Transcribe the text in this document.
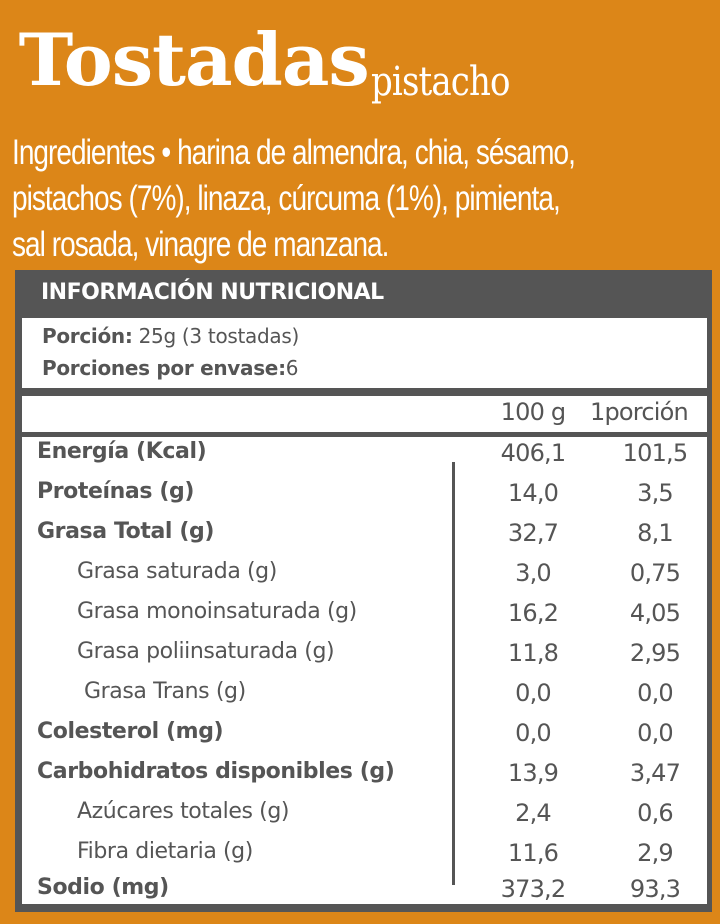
Tostadaspistacho
Ingredientes • harina de almendra, chia, sésamo,
pistachos (7%), linaza, cúrcuma (1%), pimienta,
sal rosada, vinagre de manzana.
INFORMACIÓN NUTRICIONAL
Porción: 25g (3 tostadas)
Porciones por envase:6
100 g	1porción
Energía (Kcal)	406,1	101,5
Proteínas (g)	14,0	3,5
Grasa Total (g)	32,7	8,1
Grasa saturada (g)	3,0	0,75
Grasa monoinsaturada (g)	16,2	4,05
Grasa poliinsaturada (g)	11,8	2,95
Grasa Trans (g)	0,0	0,0
Colesterol (mg)	0,0	0,0
Carbohidratos disponibles (g)	13,9	3,47
Azúcares totales (g)	2,4	0,6
Fibra dietaria (g)	11,6	2,9
Sodio (mg)	373,2	93,3
